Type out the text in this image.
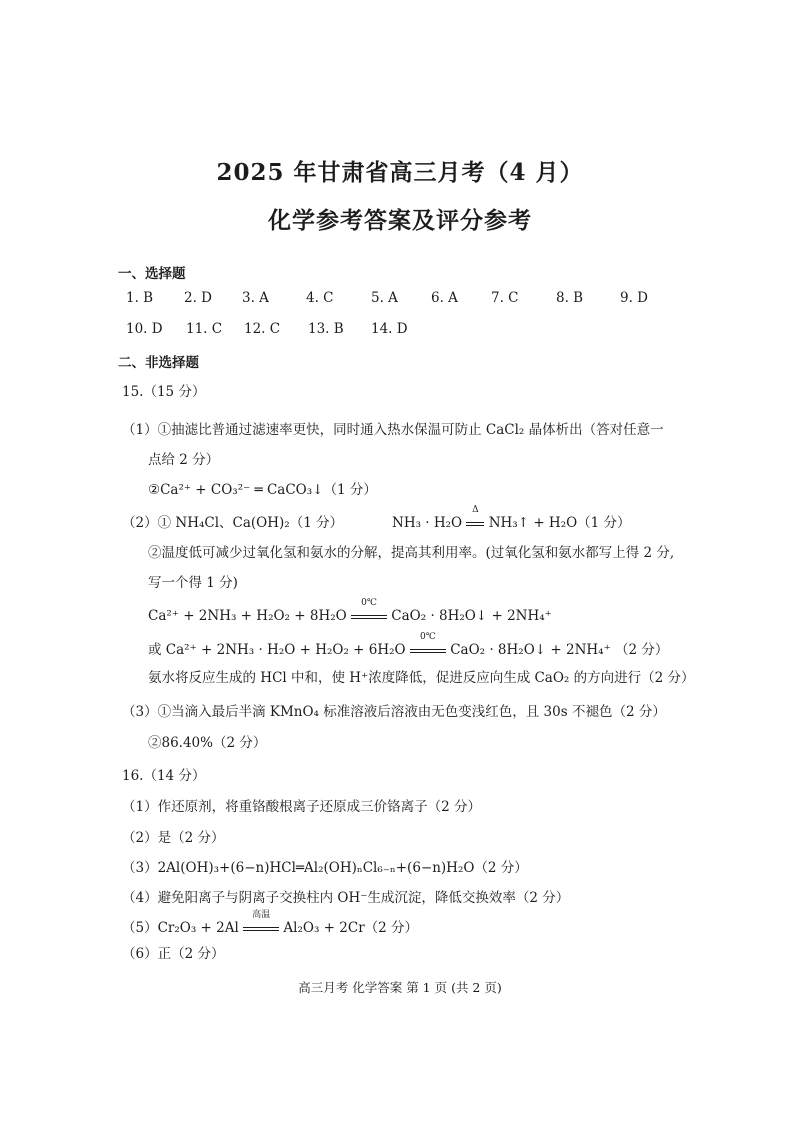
2025 年甘肃省高三月考（4 月）
化学参考答案及评分参考
一、选择题
1. B 2. D 3. A	4. C	5. A 6. A 7. C	8. B	9. D
10. D 11. C 12. C 13. B 14. D
二、非选择题
15.（15 分）
（1）①抽滤比普通过滤速率更快，同时通入热水保温可防止 CaCl₂ 晶体析出（答对任意一
点给 2 分）
②Ca²⁺ + CO₃²⁻ ═ CaCO₃↓（1 分）
（2）① NH₄Cl、Ca(OH)₂（1 分）	NH₃ · H₂O
Δ
NH₃↑ + H₂O（1 分）
②温度低可减少过氧化氢和氨水的分解，提高其利用率。(过氧化氢和氨水都写上得 2 分,
写一个得 1 分)
Ca²⁺ + 2NH₃ + H₂O₂ + 8H₂O
0℃
CaO₂ · 8H₂O↓ + 2NH₄⁺
或 Ca²⁺ + 2NH₃ · H₂O + H₂O₂ + 6H₂O
0℃
CaO₂ · 8H₂O↓ + 2NH₄⁺ （2 分）
氨水将反应生成的 HCl 中和，使 H⁺浓度降低，促进反应向生成 CaO₂ 的方向进行（2 分）
（3）①当滴入最后半滴 KMnO₄ 标准溶液后溶液由无色变浅红色，且 30s 不褪色（2 分）
②86.40%（2 分）
16.（14 分）
（1）作还原剂，将重铬酸根离子还原成三价铬离子（2 分）
（2）是（2 分）
（3）2Al(OH)₃+(6−n)HCl═Al₂(OH)ₙCl₆₋ₙ+(6−n)H₂O（2 分）
（4）避免阳离子与阴离子交换柱内 OH⁻生成沉淀，降低交换效率（2 分）
（5）Cr₂O₃ + 2Al
高温
Al₂O₃ + 2Cr（2 分）
（6）正（2 分）
高三月考 化学答案 第 1 页 (共 2 页)
